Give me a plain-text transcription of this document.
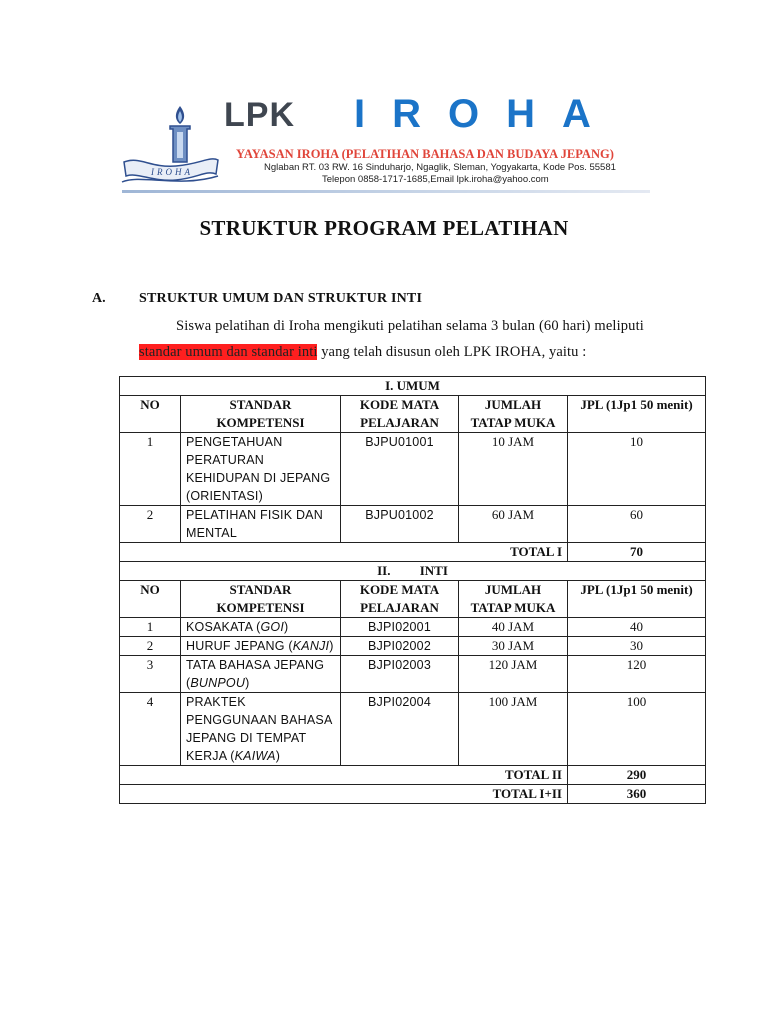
IROHA
LPK IROHA
YAYASAN IROHA (PELATIHAN BAHASA DAN BUDAYA JEPANG)
Nglaban RT. 03 RW. 16 Sinduharjo, Ngaglik, Sleman, Yogyakarta, Kode Pos. 55581
Telepon 0858-1717-1685,Email lpk.iroha@yahoo.com
STRUKTUR PROGRAM PELATIHAN
A. STRUKTUR UMUM DAN STRUKTUR INTI
Siswa pelatihan di Iroha mengikuti pelatihan selama 3 bulan (60 hari) meliputi
standar umum dan standar inti yang telah disusun oleh LPK IROHA, yaitu :
I. UMUM				
NO	STANDAR KOMPETENSI	KODE MATA PELAJARAN	JUMLAH TATAP MUKA	JPL (1Jp1 50 menit)
1	PENGETAHUAN PERATURAN KEHIDUPAN DI JEPANG (ORIENTASI)	BJPU01001	10 JAM	10
2	PELATIHAN FISIK DAN MENTAL	BJPU01002	60 JAM	60
TOTAL I				70
II.         INTI				
NO	STANDAR KOMPETENSI	KODE MATA PELAJARAN	JUMLAH TATAP MUKA	JPL (1Jp1 50 menit)
1	KOSAKATA (GOI)	BJPI02001	40 JAM	40
2	HURUF JEPANG (KANJI)	BJPI02002	30 JAM	30
3	TATA BAHASA JEPANG (BUNPOU)	BJPI02003	120 JAM	120
4	PRAKTEK PENGGUNAAN BAHASA JEPANG DI TEMPAT KERJA (KAIWA)	BJPI02004	100 JAM	100
TOTAL II				290
TOTAL I+II				360
